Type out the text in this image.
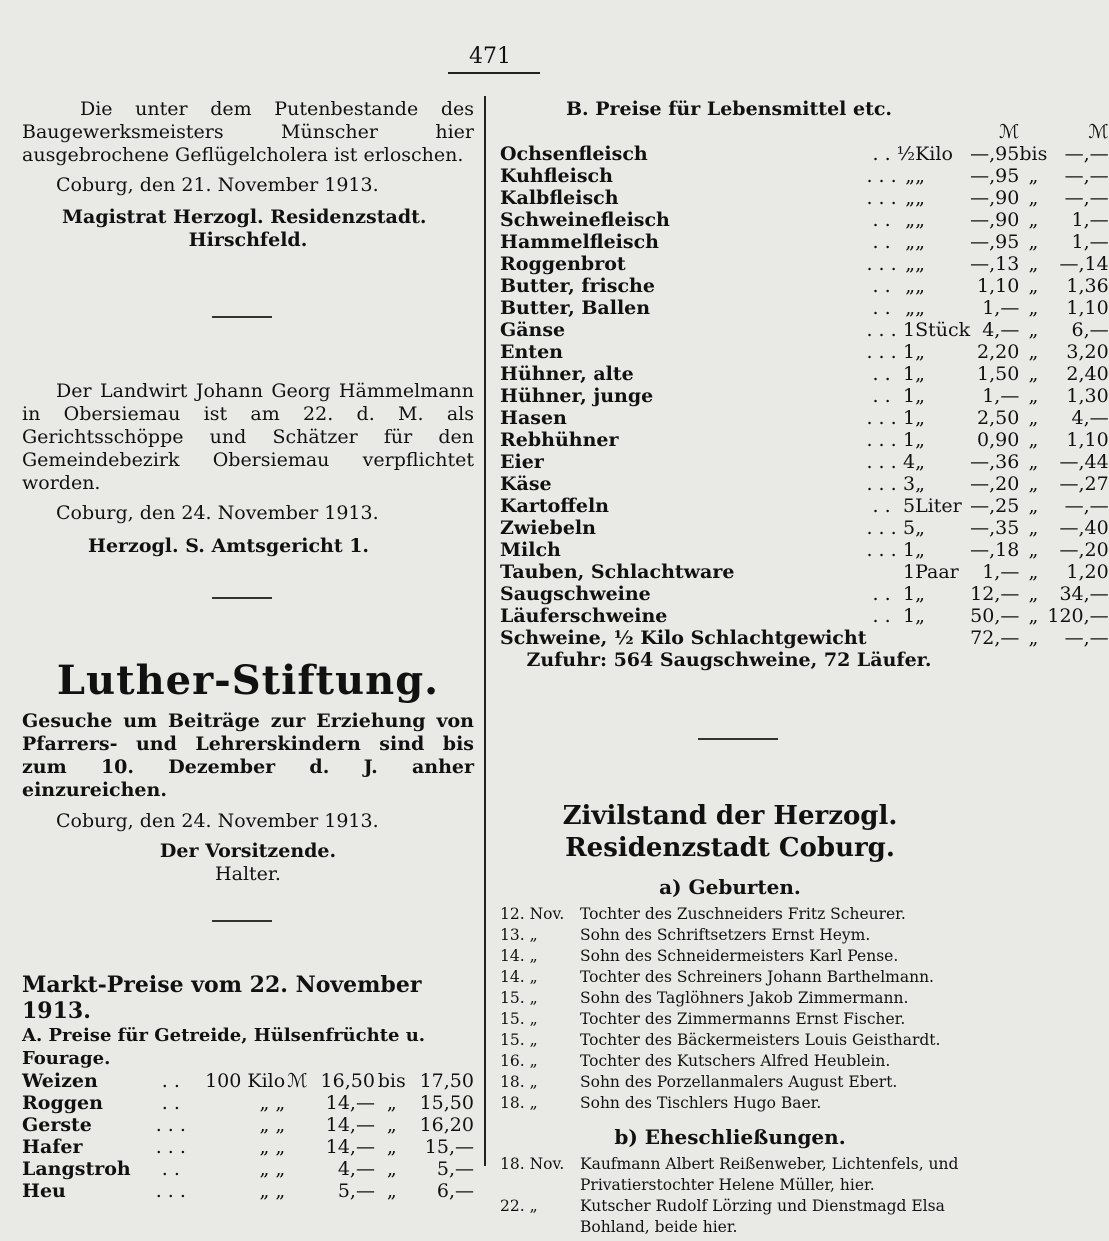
471

Die unter dem Putenbestande des Baugewerksmeisters Münscher hier ausgebrochene Geflügelcholera ist erloschen.

Coburg, den 21. November 1913.

Magistrat Herzogl. Residenzstadt.

Hirschfeld.

Der Landwirt Johann Georg Hämmelmann in Obersiemau ist am 22. d. M. als Gerichtsschöppe und Schätzer für den Gemeindebezirk Obersiemau verpflichtet worden.

Coburg, den 24. November 1913.

Herzogl. S. Amtsgericht 1.

Luther-Stiftung.

Gesuche um Beiträge zur Erziehung von Pfarrers- und Lehrerskindern sind bis zum 10. Dezember d. J. anher einzureichen.

Coburg, den 24. November 1913.

Der Vorsitzende.

Halter.

Markt-Preise vom 22. November 1913.
A. Preise für Getreide, Hülsenfrüchte u. Fourage.
Weizen	. .	100 Kilo	ℳ	16,50	bis	17,50
Roggen	. .	„ „		14,—	„	15,50
Gerste	. . .	„ „		14,—	„	16,20
Hafer	. . .	„ „		14,—	„	15,—
Langstroh	. .	„ „		4,—	„	5,—
Heu	. . .	„ „		5,—	„	6,—
B. Preise für Lebensmittel etc.
				ℳ		ℳ
Ochsenfleisch	. .	½	Kilo	—,95	bis	—,—
Kuhfleisch	. . .	„	„	—,95	„	—,—
Kalbfleisch	. . .	„	„	—,90	„	—,—
Schweinefleisch	. .	„	„	—,90	„	1,—
Hammelfleisch	. .	„	„	—,95	„	1,—
Roggenbrot	. . .	„	„	—,13	„	—,14
Butter, frische	. .	„	„	1,10	„	1,36
Butter, Ballen	. .	„	„	1,—	„	1,10
Gänse	. . .	1	Stück	4,—	„	6,—
Enten	. . .	1	„	2,20	„	3,20
Hühner, alte	. .	1	„	1,50	„	2,40
Hühner, junge	. .	1	„	1,—	„	1,30
Hasen	. . .	1	„	2,50	„	4,—
Rebhühner	. . .	1	„	0,90	„	1,10
Eier	. . .	4	„	—,36	„	—,44
Käse	. . .	3	„	—,20	„	—,27
Kartoffeln	. .	5	Liter	—,25	„	—,—
Zwiebeln	. . .	5	„	—,35	„	—,40
Milch	. . .	1	„	—,18	„	—,20
Tauben, Schlachtware		1	Paar	1,—	„	1,20
Saugschweine	. .	1	„	12,—	„	34,—
Läuferschweine	. .	1	„	50,—	„	120,—
Schweine, ½ Kilo Schlachtgewicht				72,—	„	—,—
Zufuhr: 564 Saugschweine, 72 Läufer.
Zivilstand der Herzogl. Residenzstadt Coburg.
a) Geburten.
12. Nov.	Tochter des Zuschneiders Fritz Scheurer.
13. „	Sohn des Schriftsetzers Ernst Heym.
14. „	Sohn des Schneidermeisters Karl Pense.
14. „	Tochter des Schreiners Johann Barthelmann.
15. „	Sohn des Taglöhners Jakob Zimmermann.
15. „	Tochter des Zimmermanns Ernst Fischer.
15. „	Tochter des Bäckermeisters Louis Geisthardt.
16. „	Tochter des Kutschers Alfred Heublein.
18. „	Sohn des Porzellanmalers August Ebert.
18. „	Sohn des Tischlers Hugo Baer.
b) Eheschließungen.
18. Nov.	Kaufmann Albert Reißenweber, Lichtenfels, und Privatierstochter Helene Müller, hier.
22. „	Kutscher Rudolf Lörzing und Dienstmagd Elsa Bohland, beide hier.
